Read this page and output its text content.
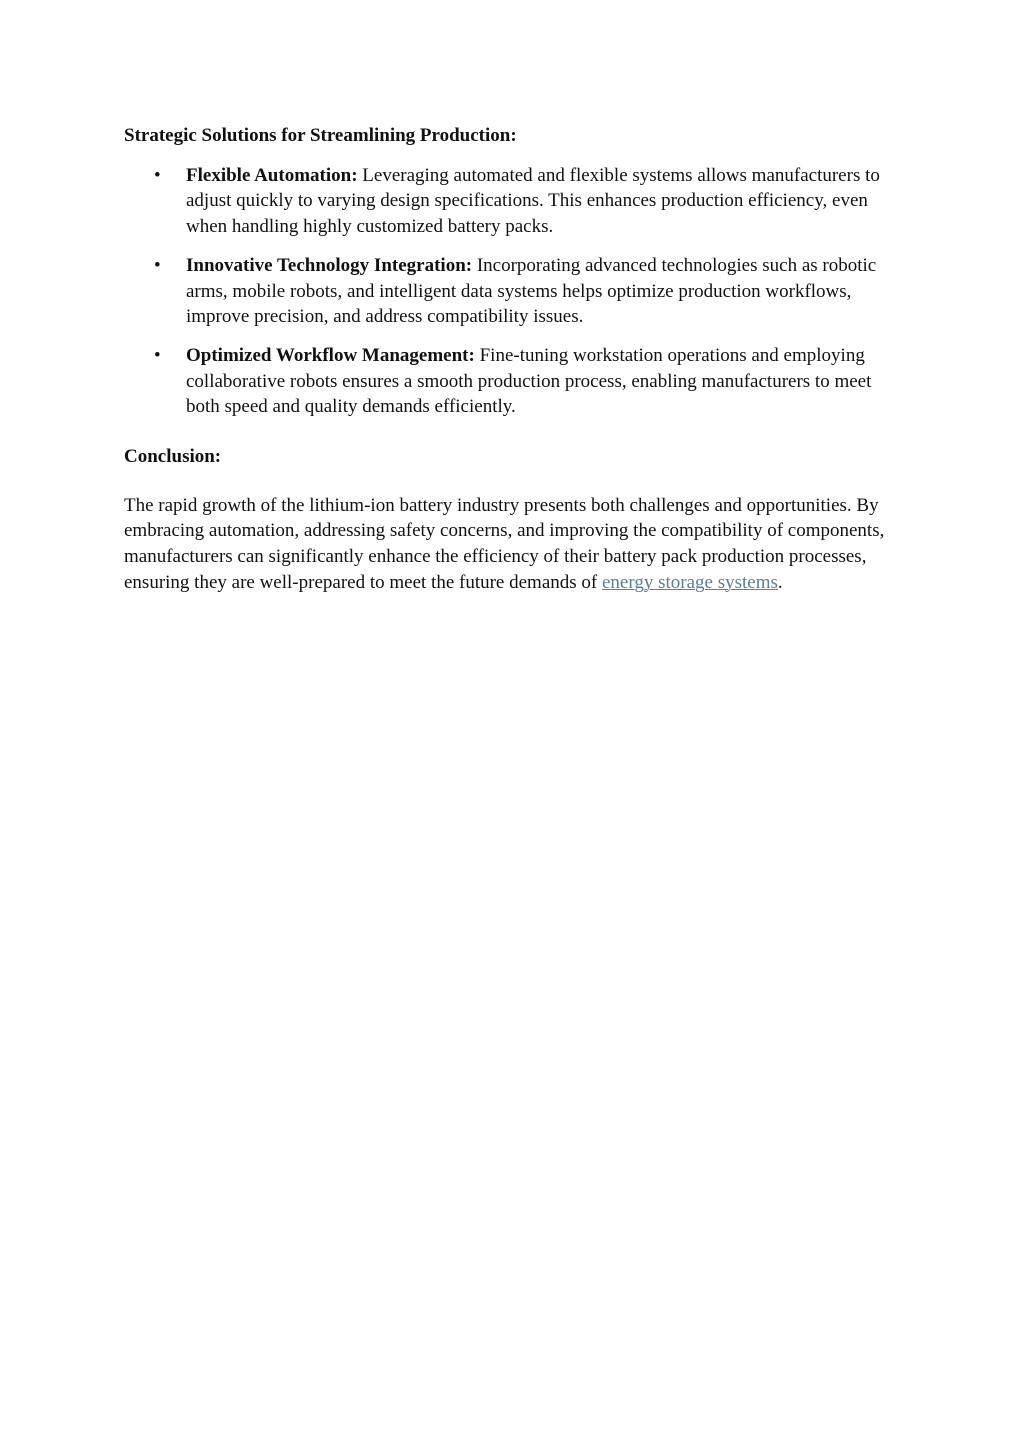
Strategic Solutions for Streamlining Production:

• Flexible Automation: Leveraging automated and flexible systems allows manufacturers to adjust quickly to varying design specifications. This enhances production efficiency, even when handling highly customized battery packs.
• Innovative Technology Integration: Incorporating advanced technologies such as robotic arms, mobile robots, and intelligent data systems helps optimize production workflows, improve precision, and address compatibility issues.
• Optimized Workflow Management: Fine-tuning workstation operations and employing collaborative robots ensures a smooth production process, enabling manufacturers to meet both speed and quality demands efficiently.

Conclusion:

The rapid growth of the lithium-ion battery industry presents both challenges and opportunities. By embracing automation, addressing safety concerns, and improving the compatibility of components, manufacturers can significantly enhance the efficiency of their battery pack production processes, ensuring they are well-prepared to meet the future demands of energy storage systems.
